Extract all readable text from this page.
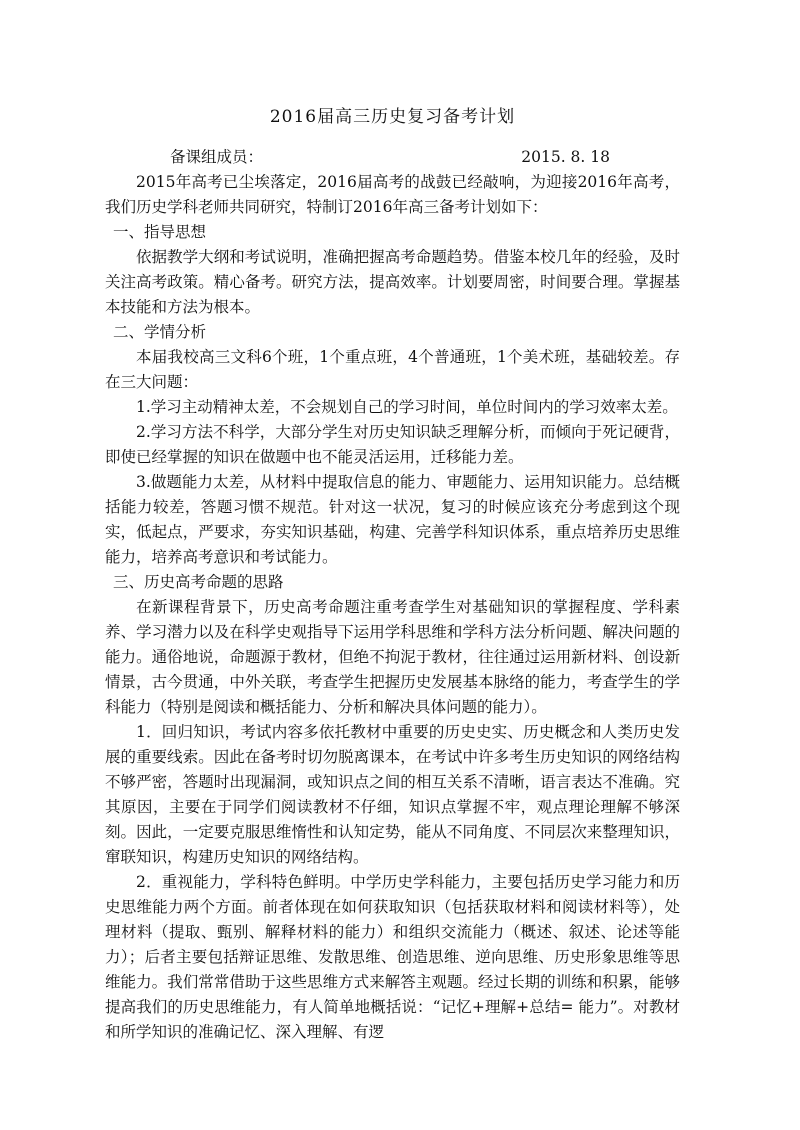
2016届高三历史复习备考计划
备课组成员：	2015. 8. 18

2015年高考已尘埃落定，2016届高考的战鼓已经敲响，为迎接2016年高考，我们历史学科老师共同研究，特制订2016年高三备考计划如下：

一、指导思想

依据教学大纲和考试说明，准确把握高考命题趋势。借鉴本校几年的经验，及时关注高考政策。精心备考。研究方法，提高效率。计划要周密，时间要合理。掌握基本技能和方法为根本。

二、学情分析

本届我校高三文科6个班，1个重点班，4个普通班，1个美术班，基础较差。存在三大问题：

1.学习主动精神太差，不会规划自己的学习时间，单位时间内的学习效率太差。

2.学习方法不科学，大部分学生对历史知识缺乏理解分析，而倾向于死记硬背，即使已经掌握的知识在做题中也不能灵活运用，迁移能力差。

3.做题能力太差，从材料中提取信息的能力、审题能力、运用知识能力。总结概括能力较差，答题习惯不规范。针对这一状况，复习的时候应该充分考虑到这个现实，低起点，严要求，夯实知识基础，构建、完善学科知识体系，重点培养历史思维能力，培养高考意识和考试能力。

三、历史高考命题的思路

在新课程背景下，历史高考命题注重考查学生对基础知识的掌握程度、学科素养、学习潜力以及在科学史观指导下运用学科思维和学科方法分析问题、解决问题的能力。通俗地说，命题源于教材，但绝不拘泥于教材，往往通过运用新材料、创设新情景，古今贯通，中外关联，考查学生把握历史发展基本脉络的能力，考查学生的学科能力（特别是阅读和概括能力、分析和解决具体问题的能力）。

1．回归知识，考试内容多依托教材中重要的历史史实、历史概念和人类历史发展的重要线索。因此在备考时切勿脱离课本，在考试中许多考生历史知识的网络结构不够严密，答题时出现漏洞，或知识点之间的相互关系不清晰，语言表达不准确。究其原因，主要在于同学们阅读教材不仔细，知识点掌握不牢，观点理论理解不够深刻。因此，一定要克服思维惰性和认知定势，能从不同角度、不同层次来整理知识，窜联知识，构建历史知识的网络结构。

2．重视能力，学科特色鲜明。中学历史学科能力，主要包括历史学习能力和历史思维能力两个方面。前者体现在如何获取知识（包括获取材料和阅读材料等），处理材料（提取、甄别、解释材料的能力）和组织交流能力（概述、叙述、论述等能力）；后者主要包括辩证思维、发散思维、创造思维、逆向思维、历史形象思维等思维能力。我们常常借助于这些思维方式来解答主观题。经过长期的训练和积累，能够提高我们的历史思维能力，有人简单地概括说：“记忆+理解+总结= 能力”。对教材和所学知识的准确记忆、深入理解、有逻
